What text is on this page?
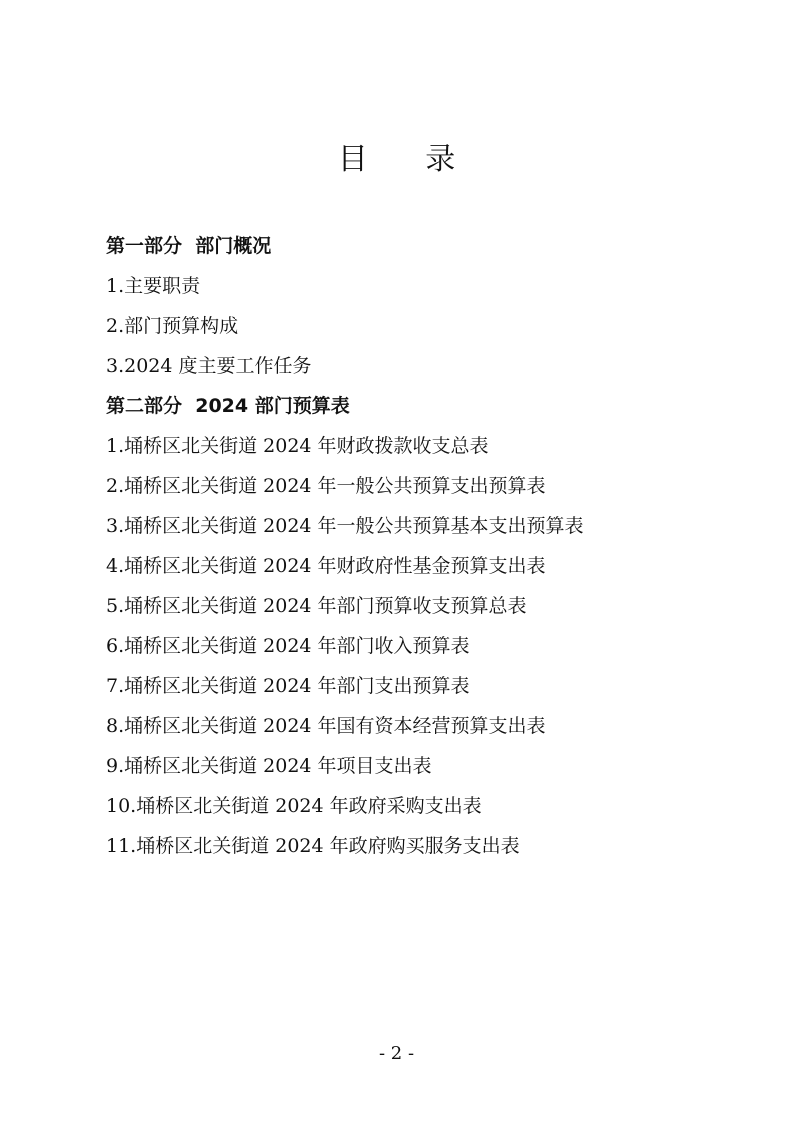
目 录
第一部分  部门概况
1.主要职责
2.部门预算构成
3.2024 度主要工作任务
第二部分  2024 部门预算表
1.埇桥区北关街道 2024 年财政拨款收支总表
2.埇桥区北关街道 2024 年一般公共预算支出预算表
3.埇桥区北关街道 2024 年一般公共预算基本支出预算表
4.埇桥区北关街道 2024 年财政府性基金预算支出表
5.埇桥区北关街道 2024 年部门预算收支预算总表
6.埇桥区北关街道 2024 年部门收入预算表
7.埇桥区北关街道 2024 年部门支出预算表
8.埇桥区北关街道 2024 年国有资本经营预算支出表
9.埇桥区北关街道 2024 年项目支出表
10.埇桥区北关街道 2024 年政府采购支出表
11.埇桥区北关街道 2024 年政府购买服务支出表
- 2 -
